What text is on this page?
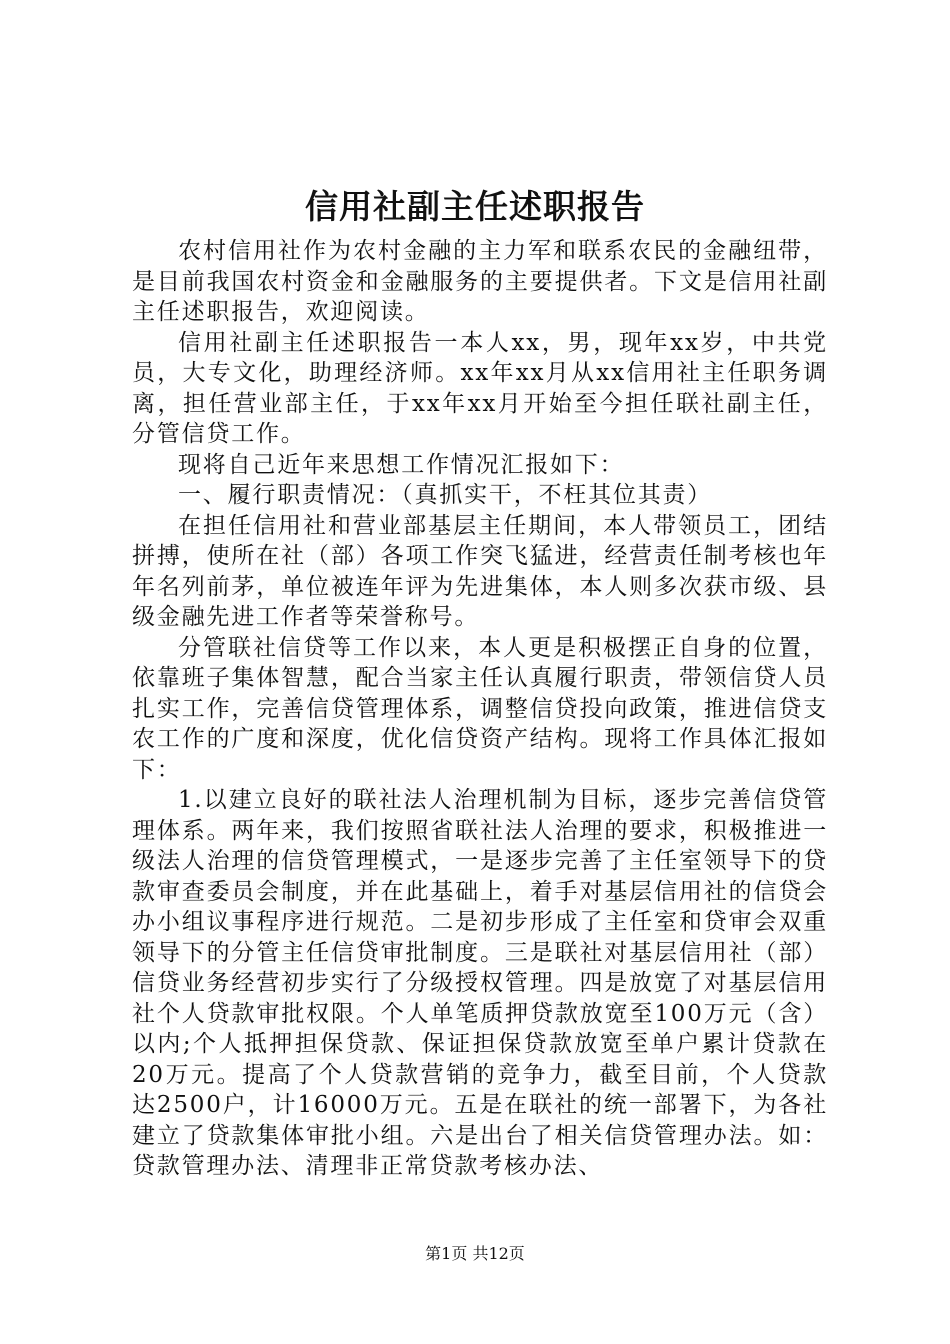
信用社副主任述职报告

农村信用社作为农村金融的主力军和联系农民的金融纽带，是目前我国农村资金和金融服务的主要提供者。下文是信用社副主任述职报告，欢迎阅读。

信用社副主任述职报告一本人xx，男，现年xx岁，中共党员，大专文化，助理经济师。xx年xx月从xx信用社主任职务调离，担任营业部主任，于xx年xx月开始至今担任联社副主任，分管信贷工作。

现将自己近年来思想工作情况汇报如下：

一、履行职责情况：（真抓实干，不枉其位其责）

在担任信用社和营业部基层主任期间，本人带领员工，团结拼搏，使所在社（部）各项工作突飞猛进，经营责任制考核也年年名列前茅，单位被连年评为先进集体，本人则多次获市级、县级金融先进工作者等荣誉称号。

分管联社信贷等工作以来，本人更是积极摆正自身的位置，依靠班子集体智慧，配合当家主任认真履行职责，带领信贷人员扎实工作，完善信贷管理体系，调整信贷投向政策，推进信贷支农工作的广度和深度，优化信贷资产结构。现将工作具体汇报如下：

1.以建立良好的联社法人治理机制为目标，逐步完善信贷管理体系。两年来，我们按照省联社法人治理的要求，积极推进一级法人治理的信贷管理模式，一是逐步完善了主任室领导下的贷款审查委员会制度，并在此基础上，着手对基层信用社的信贷会办小组议事程序进行规范。二是初步形成了主任室和贷审会双重领导下的分管主任信贷审批制度。三是联社对基层信用社（部）信贷业务经营初步实行了分级授权管理。四是放宽了对基层信用社个人贷款审批权限。个人单笔质押贷款放宽至100万元（含）以内;个人抵押担保贷款、保证担保贷款放宽至单户累计贷款在20万元。提高了个人贷款营销的竞争力，截至目前，个人贷款达2500户，计16000万元。五是在联社的统一部署下，为各社建立了贷款集体审批小组。六是出台了相关信贷管理办法。如：贷款管理办法、清理非正常贷款考核办法、

第1页 共12页
